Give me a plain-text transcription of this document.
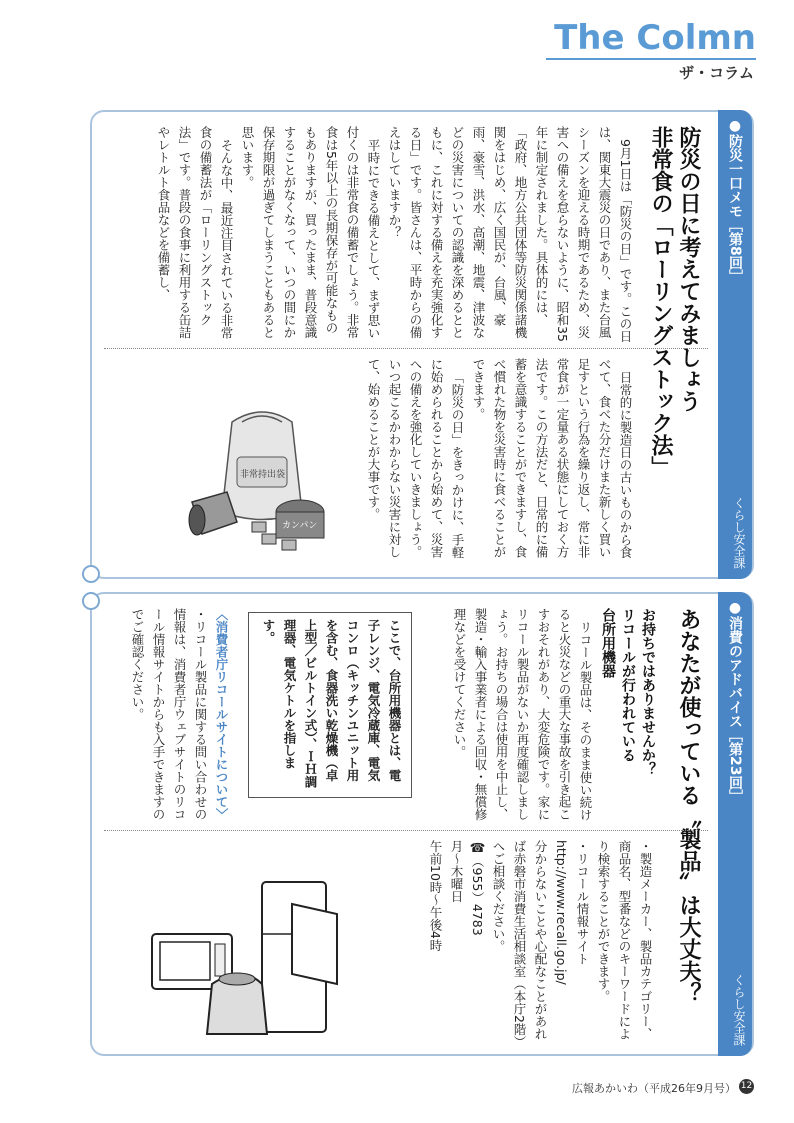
The Colmn
ザ・コラム
●防災一口メモ［第8回］
くらし安全課
防災の日に考えてみましょう
非常食の「ローリングストック法」

9月1日は「防災の日」です。この日は、関東大震災の日であり、また台風シーズンを迎える時期であるため、災害への備えを怠らないように、昭和35年に制定されました。具体的には、「政府、地方公共団体等防災関係諸機関をはじめ、広く国民が、台風、豪雨、豪雪、洪水、高潮、地震、津波などの災害についての認識を深めるとともに、これに対する備えを充実強化する日」です。皆さんは、平時からの備えはしていますか？

平時にできる備えとして、まず思い付くのは非常食の備蓄でしょう。非常食は5年以上の長期保存が可能なものもありますが、買ったまま、普段意識することがなくなって、いつの間にか保存期限が過ぎてしまうこともあると思います。

そんな中、最近注目されている非常食の備蓄法が「ローリングストック法」です。普段の食事に利用する缶詰やレトルト食品などを備蓄し、

日常的に製造日の古いものから食べて、食べた分だけまた新しく買い足すという行為を繰り返し、常に非常食が一定量ある状態にしておく方法です。この方法だと、日常的に備蓄を意識することができますし、食べ慣れた物を災害時に食べることができます。

「防災の日」をきっかけに、手軽に始められることから始めて、災害への備えを強化していきましょう。いつ起こるかわからない災害に対して、始めることが大事です。

非常持出袋
カンパン
●消費のアドバイス［第23回］
くらし安全課
あなたが使っている〝製品〟は大丈夫？
お持ちではありませんか？
リコールが行われている
台所用機器

リコール製品は、そのまま使い続けると火災などの重大な事故を引き起こすおそれがあり、大変危険です。家にリコール製品がないか再度確認しましょう。お持ちの場合は使用を中止し、製造・輸入事業者による回収・無償修理などを受けてください。

ここで、台所用機器とは、電子レンジ、電気冷蔵庫、電気コンロ（キッチンユニット用を含む、食器洗い乾燥機（卓上型／ビルトイン式）、ＩＨ調理器、電気ケトルを指します。
〈消費者庁リコールサイトについて〉
・リコール製品に関する問い合わせの情報は、消費者庁ウェブサイトのリコール情報サイトからも入手できますのでご確認ください。
・製造メーカー、製品カテゴリー、商品名、型番などのキーワードにより検索することができます。
・リコール情報サイト
http://www.recall.go.jp/
分からないことや心配なことがあれば赤磐市消費生活相談室（本庁2階）へご相談ください。
☎（955）4783
月～木曜日
午前10時～午後4時
広報あかいわ（平成26年9月号） 12
